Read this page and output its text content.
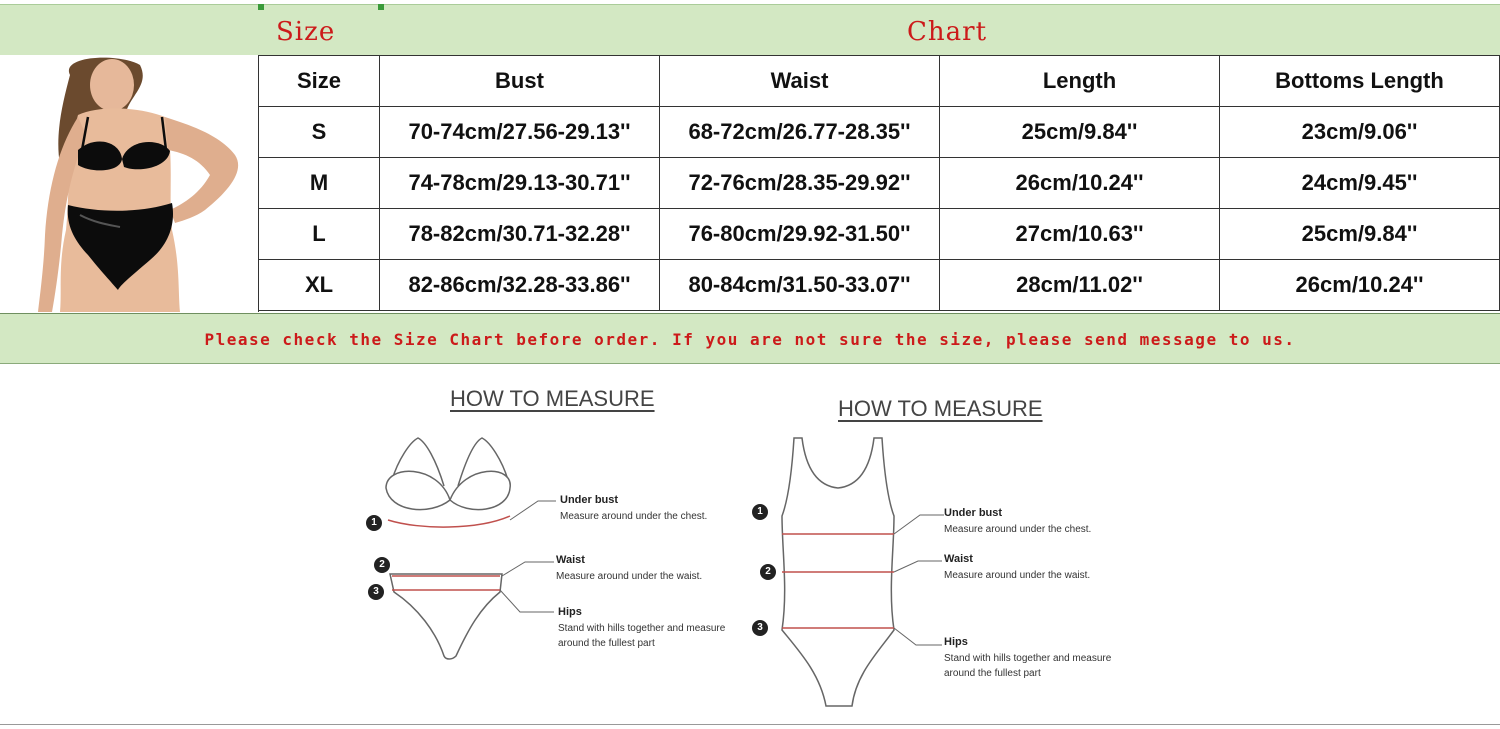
Size	Chart
Size	Bust	Waist	Length	Bottoms Length
S	70-74cm/27.56-29.13''	68-72cm/26.77-28.35''	25cm/9.84''	23cm/9.06''
M	74-78cm/29.13-30.71''	72-76cm/28.35-29.92''	26cm/10.24''	24cm/9.45''
L	78-82cm/30.71-32.28''	76-80cm/29.92-31.50''	27cm/10.63''	25cm/9.84''
XL	82-86cm/32.28-33.86''	80-84cm/31.50-33.07''	28cm/11.02''	26cm/10.24''
Please check the Size Chart before order. If you are not sure the size, please send message to us.
HOW TO MEASURE
1
2
3
Under bust
Measure around under the chest.
Waist
Measure around under the waist.
Hips
Stand with hills together and measure
around the fullest part
HOW TO MEASURE
1
2
3
Under bust
Measure around under the chest.
Waist
Measure around under the waist.
Hips
Stand with hills together and measure
around the fullest part
